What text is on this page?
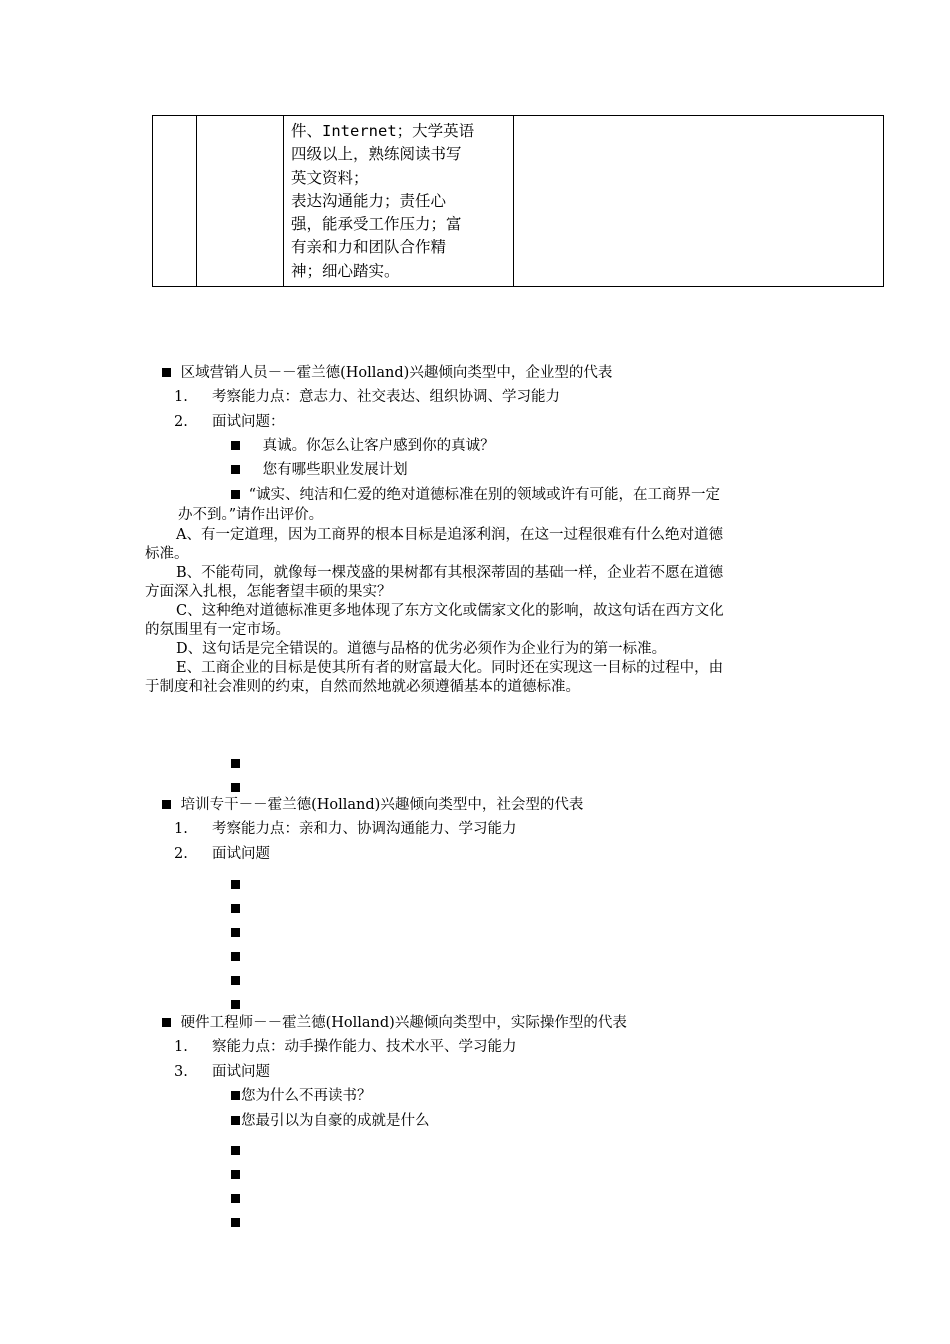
件、Internet；大学英语
四级以上，熟练阅读书写
英文资料；
表达沟通能力；责任心
强，能承受工作压力；富
有亲和力和团队合作精
神；细心踏实。
区域营销人员－－霍兰德(Holland)兴趣倾向类型中，企业型的代表
1. 考察能力点：意志力、社交表达、组织协调、学习能力
2. 面试问题：
真诚。你怎么让客户感到你的真诚？
您有哪些职业发展计划
“诚实、纯洁和仁爱的绝对道德标准在别的领域或许有可能，在工商界一定
办不到。”请作出评价。
A、有一定道理，因为工商界的根本目标是追涿利润，在这一过程很难有什么绝对道德
标准。
B、不能苟同，就像每一棵茂盛的果树都有其根深蒂固的基础一样，企业若不愿在道德
方面深入扎根，怎能奢望丰硕的果实？
C、这种绝对道德标准更多地体现了东方文化或儒家文化的影响，故这句话在西方文化
的氛围里有一定市场。
D、这句话是完全错误的。道德与品格的优劣必须作为企业行为的第一标准。
E、工商企业的目标是使其所有者的财富最大化。同时还在实现这一目标的过程中，由
于制度和社会准则的约束，自然而然地就必须遵循基本的道德标准。
培训专干－－霍兰德(Holland)兴趣倾向类型中，社会型的代表
1. 考察能力点：亲和力、协调沟通能力、学习能力
2. 面试问题
硬件工程师－－霍兰德(Holland)兴趣倾向类型中，实际操作型的代表
1. 察能力点：动手操作能力、技术水平、学习能力
3. 面试问题
您为什么不再读书？
您最引以为自豪的成就是什么
